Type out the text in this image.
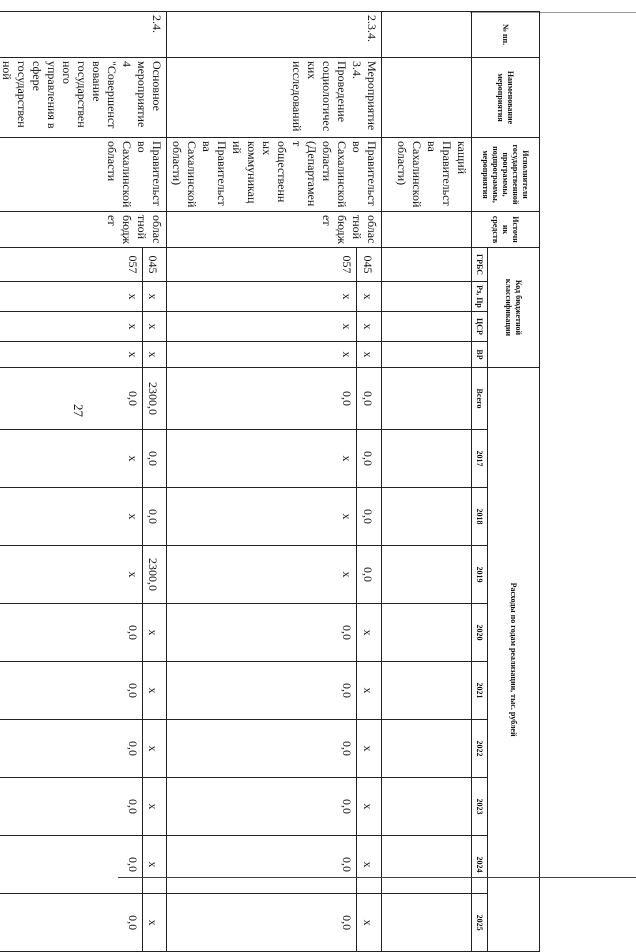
27
№ пп.	Наименование мероприятия	Исполнители государственной программы, подпрограммы, мероприятия	Источник средств	Код бюджетной классификации				Расходы по годам реализации, тыс. рублей									
				ГРБС	Рз, Пр	ЦСР	ВР	Всего	2017	2018	2019	2020	2021	2022	2023	2024	2025
		кащий Правительства Сахалинской области)															
2.3.4.	Мероприятие 3.4. Проведение социологических исследований	Правительство Сахалинской области (Департамент общественных коммуникаций Правительства Сахалинской области)	областной бюджет	045	x	x	x	0,0	0,0	0,0	0,0	x	x	x	x	x	x
				057	x	x	x	0,0	x	x	x	0,0	0,0	0,0	0,0	0,0	0,0
2.4.	Основное мероприятие 4 "Совершенствование государственного управления в сфере государственной	Правительство Сахалинской области	областной бюджет	045	x	x	x	2300,0	0,0	0,0	2300,0	x	x	x	x	x	x
				057	x	x	x	0,0	x	x	x	0,0	0,0	0,0	0,0	0,0	0,0
